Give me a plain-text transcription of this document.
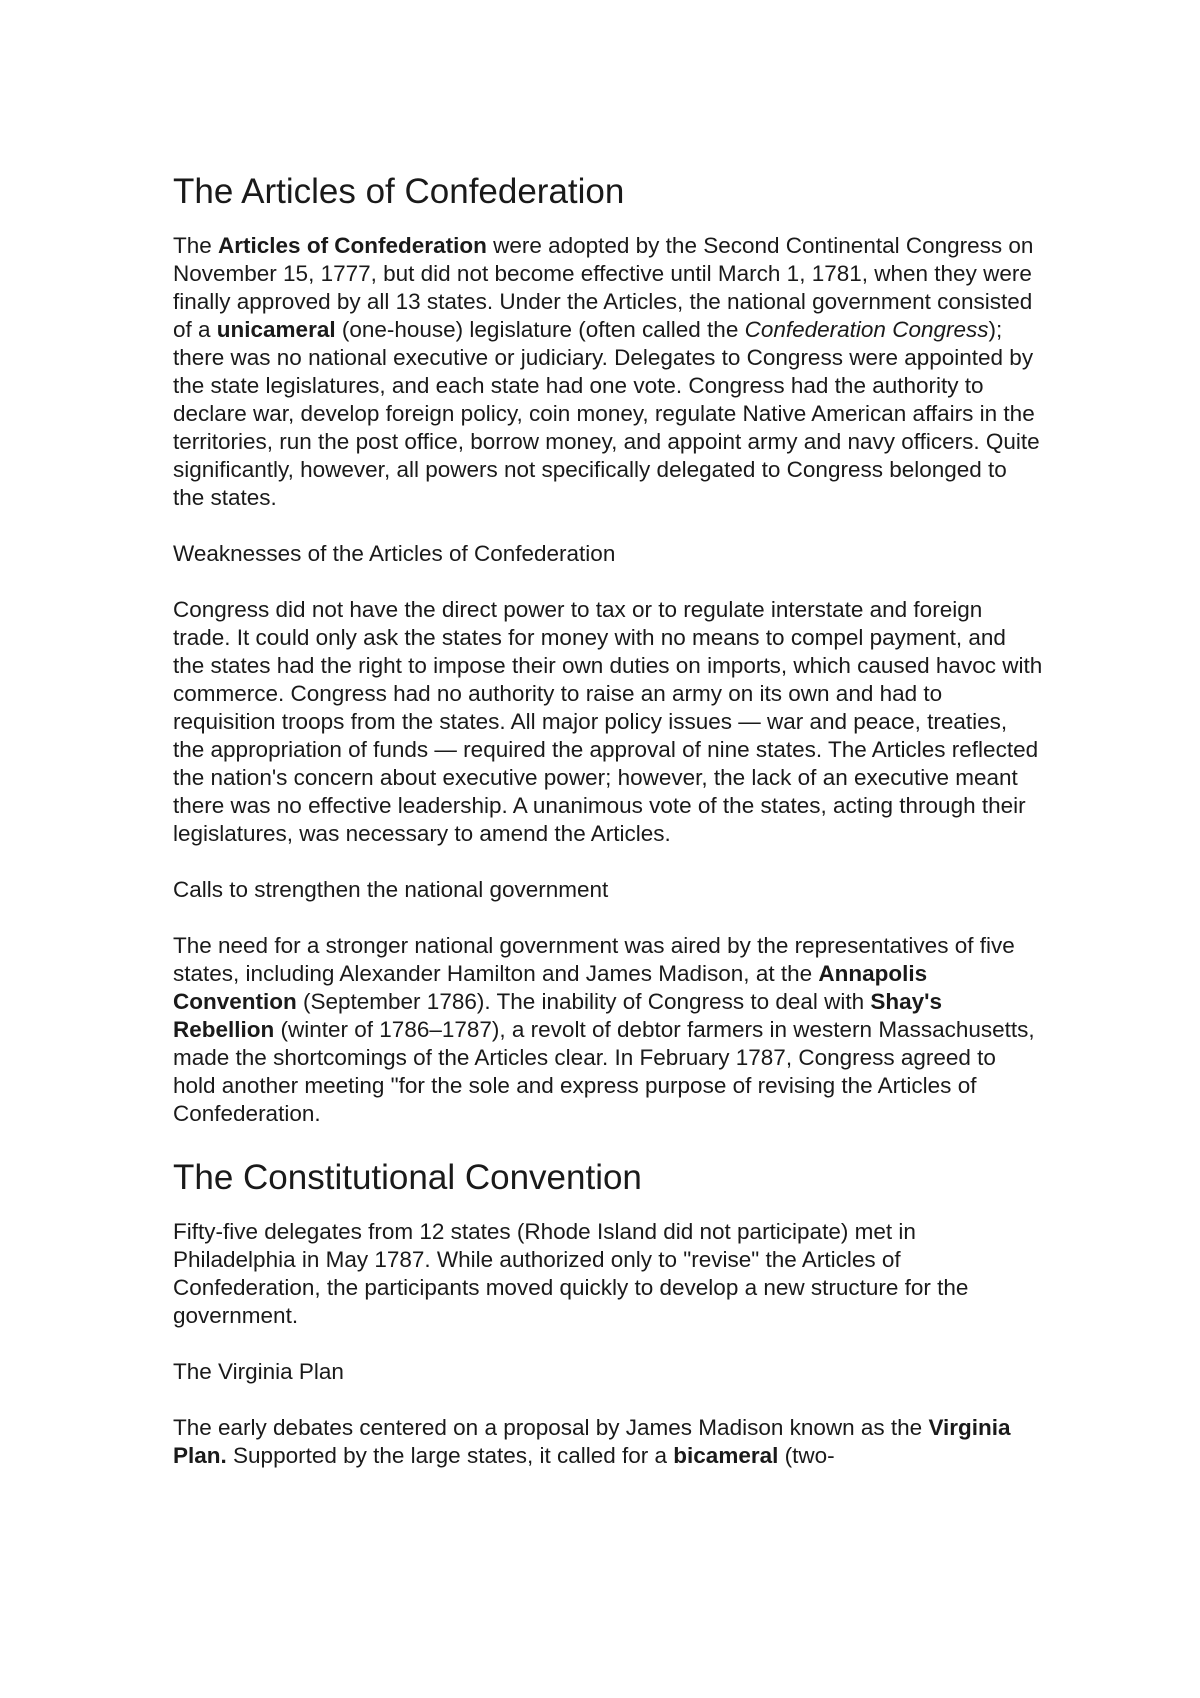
The Articles of Confederation

The Articles of Confederation were adopted by the Second Continental Congress on November 15, 1777, but did not become effective until March 1, 1781, when they were finally approved by all 13 states. Under the Articles, the national government consisted of a unicameral (one-house) legislature (often called the Confederation Congress); there was no national executive or judiciary. Delegates to Congress were appointed by the state legislatures, and each state had one vote. Congress had the authority to declare war, develop foreign policy, coin money, regulate Native American affairs in the territories, run the post office, borrow money, and appoint army and navy officers. Quite significantly, however, all powers not specifically delegated to Congress belonged to the states.

Weaknesses of the Articles of Confederation

Congress did not have the direct power to tax or to regulate interstate and foreign trade. It could only ask the states for money with no means to compel payment, and the states had the right to impose their own duties on imports, which caused havoc with commerce. Congress had no authority to raise an army on its own and had to requisition troops from the states. All major policy issues — war and peace, treaties, the appropriation of funds — required the approval of nine states. The Articles reflected the nation's concern about executive power; however, the lack of an executive meant there was no effective leadership. A unanimous vote of the states, acting through their legislatures, was necessary to amend the Articles.

Calls to strengthen the national government

The need for a stronger national government was aired by the representatives of five states, including Alexander Hamilton and James Madison, at the Annapolis Convention (September 1786). The inability of Congress to deal with Shay's Rebellion (winter of 1786–1787), a revolt of debtor farmers in western Massachusetts, made the shortcomings of the Articles clear. In February 1787, Congress agreed to hold another meeting "for the sole and express purpose of revising the Articles of Confederation.

The Constitutional Convention

Fifty-five delegates from 12 states (Rhode Island did not participate) met in Philadelphia in May 1787. While authorized only to "revise" the Articles of Confederation, the participants moved quickly to develop a new structure for the government.

The Virginia Plan

The early debates centered on a proposal by James Madison known as the Virginia Plan. Supported by the large states, it called for a bicameral (two-
